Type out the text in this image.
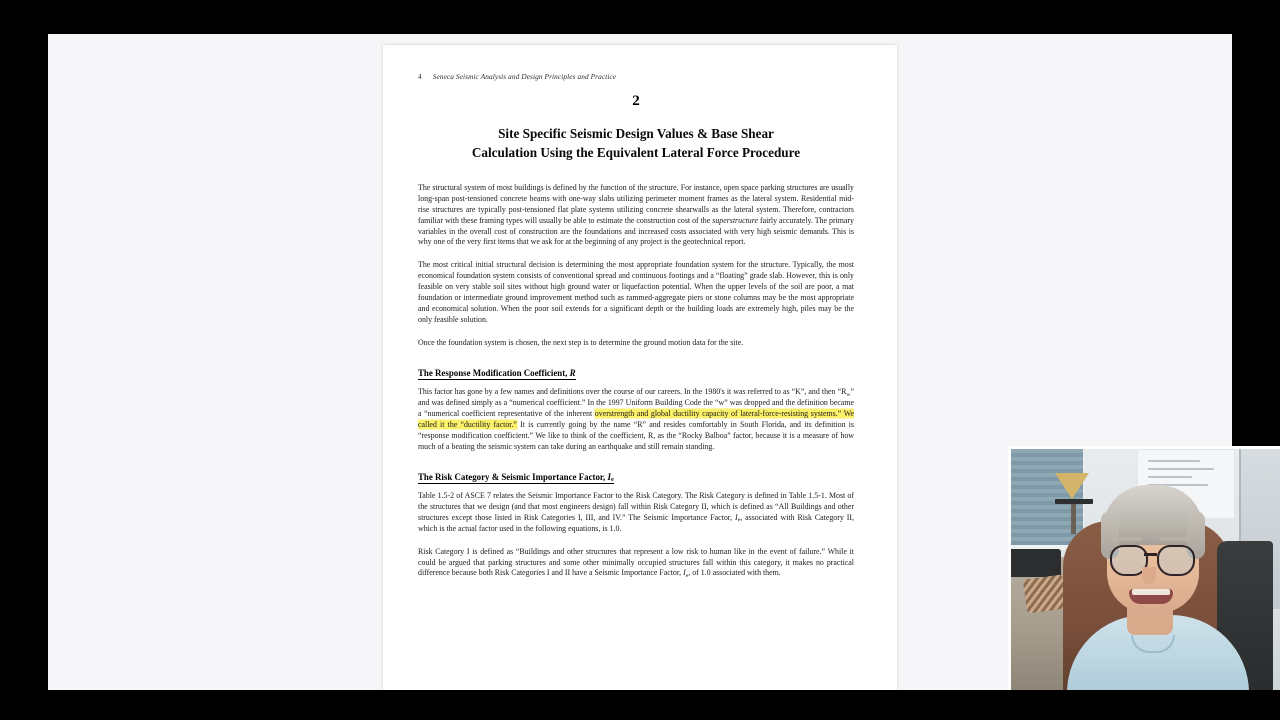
4 Seneca Seismic Analysis and Design Principles and Practice
2
Site Specific Seismic Design Values & Base Shear
Calculation Using the Equivalent Lateral Force Procedure

The structural system of most buildings is defined by the function of the structure. For instance, open space parking structures are usually long-span post-tensioned concrete beams with one-way slabs utilizing perimeter moment frames as the lateral system. Residential mid-rise structures are typically post-tensioned flat plate systems utilizing concrete shearwalls as the lateral system. Therefore, contractors familiar with these framing types will usually be able to estimate the construction cost of the superstructure fairly accurately. The primary variables in the overall cost of construction are the foundations and increased costs associated with very high seismic demands. This is why one of the very first items that we ask for at the beginning of any project is the geotechnical report.

The most critical initial structural decision is determining the most appropriate foundation system for the structure. Typically, the most economical foundation system consists of conventional spread and continuous footings and a “floating” grade slab. However, this is only feasible on very stable soil sites without high ground water or liquefaction potential. When the upper levels of the soil are poor, a mat foundation or intermediate ground improvement method such as rammed-aggregate piers or stone columns may be the most appropriate and economical solution. When the poor soil extends for a significant depth or the building loads are extremely high, piles may be the only feasible solution.

Once the foundation system is chosen, the next step is to determine the ground motion data for the site.

The Response Modification Coefficient, R

This factor has gone by a few names and definitions over the course of our careers. In the 1980's it was referred to as “K”, and then “$R_w$” and was defined simply as a “numerical coefficient.” In the 1997 Uniform Building Code the “w” was dropped and the definition became a “numerical coefficient representative of the inherent overstrength and global ductility capacity of lateral-force-resisting systems.” We called it the “ductility factor.” It is currently going by the name “R” and resides comfortably in South Florida, and its definition is “response modification coefficient.” We like to think of the coefficient, R, as the “Rocky Balboa” factor, because it is a measure of how much of a beating the seismic system can take during an earthquake and still remain standing.

The Risk Category & Seismic Importance Factor, $I_e$

Table 1.5-2 of ASCE 7 relates the Seismic Importance Factor to the Risk Category. The Risk Category is defined in Table 1.5-1. Most of the structures that we design (and that most engineers design) fall within Risk Category II, which is defined as “All Buildings and other structures except those listed in Risk Categories I, III, and IV.” The Seismic Importance Factor, $I_e$, associated with Risk Category II, which is the actual factor used in the following equations, is 1.0.

Risk Category I is defined as “Buildings and other structures that represent a low risk to human like in the event of failure.” While it could be argued that parking structures and some other minimally occupied structures fall within this category, it makes no practical difference because both Risk Categories I and II have a Seismic Importance Factor, $I_e$, of 1.0 associated with them.
